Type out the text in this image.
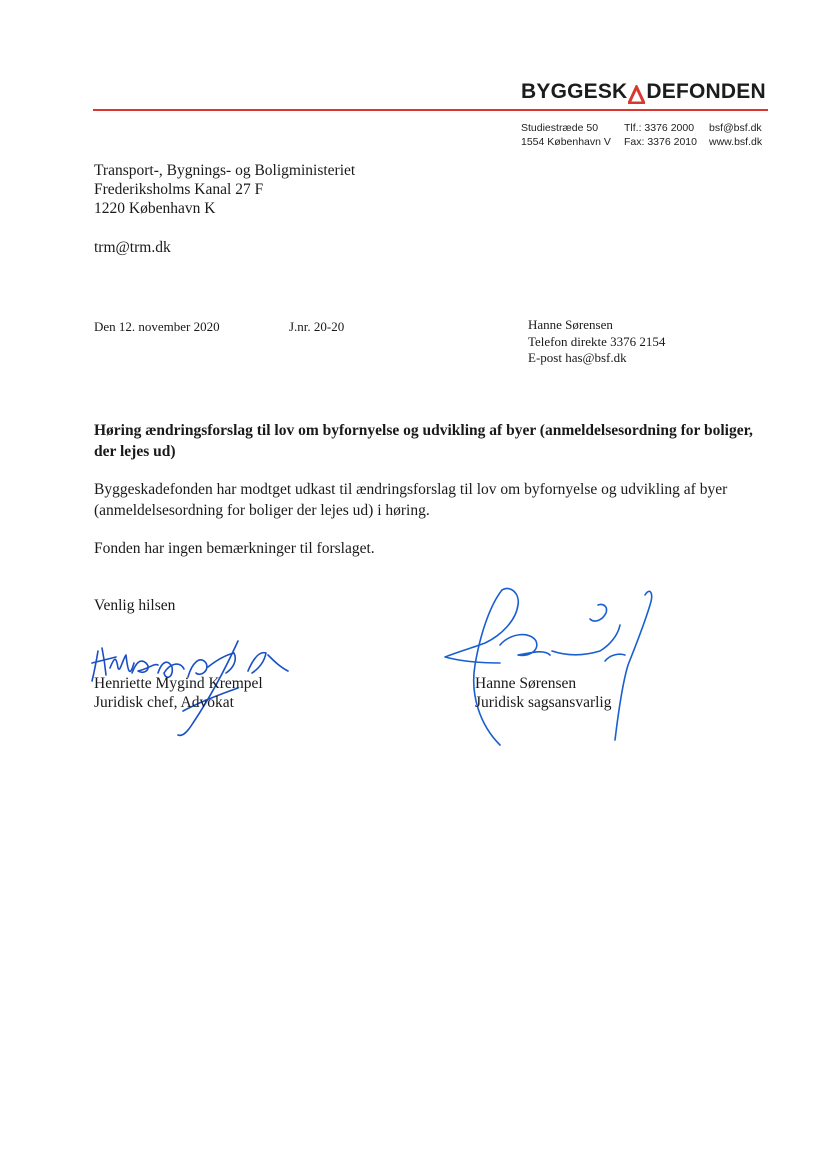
BYGGESK DEFONDEN
Studiestræde 50 Tlf.: 3376 2000 bsf@bsf.dk
1554 København V Fax: 3376 2010 www.bsf.dk
Transport-, Bygnings- og Boligministeriet
Frederiksholms Kanal 27 F
1220 København K
trm@trm.dk
Den 12. november 2020	J.nr. 20-20	Hanne Sørensen
Telefon direkte 3376 2154
E-post has@bsf.dk
Høring ændringsforslag til lov om byfornyelse og udvikling af byer (anmeldelsesordning for boliger, der lejes ud)
Byggeskadefonden har modtget udkast til ændringsforslag til lov om byfornyelse og udvikling af byer (anmeldelsesordning for boliger der lejes ud) i høring.
Fonden har ingen bemærkninger til forslaget.
Venlig hilsen
Henriette Mygind Krempel
Juridisk chef, Advokat
Hanne Sørensen
Juridisk sagsansvarlig
